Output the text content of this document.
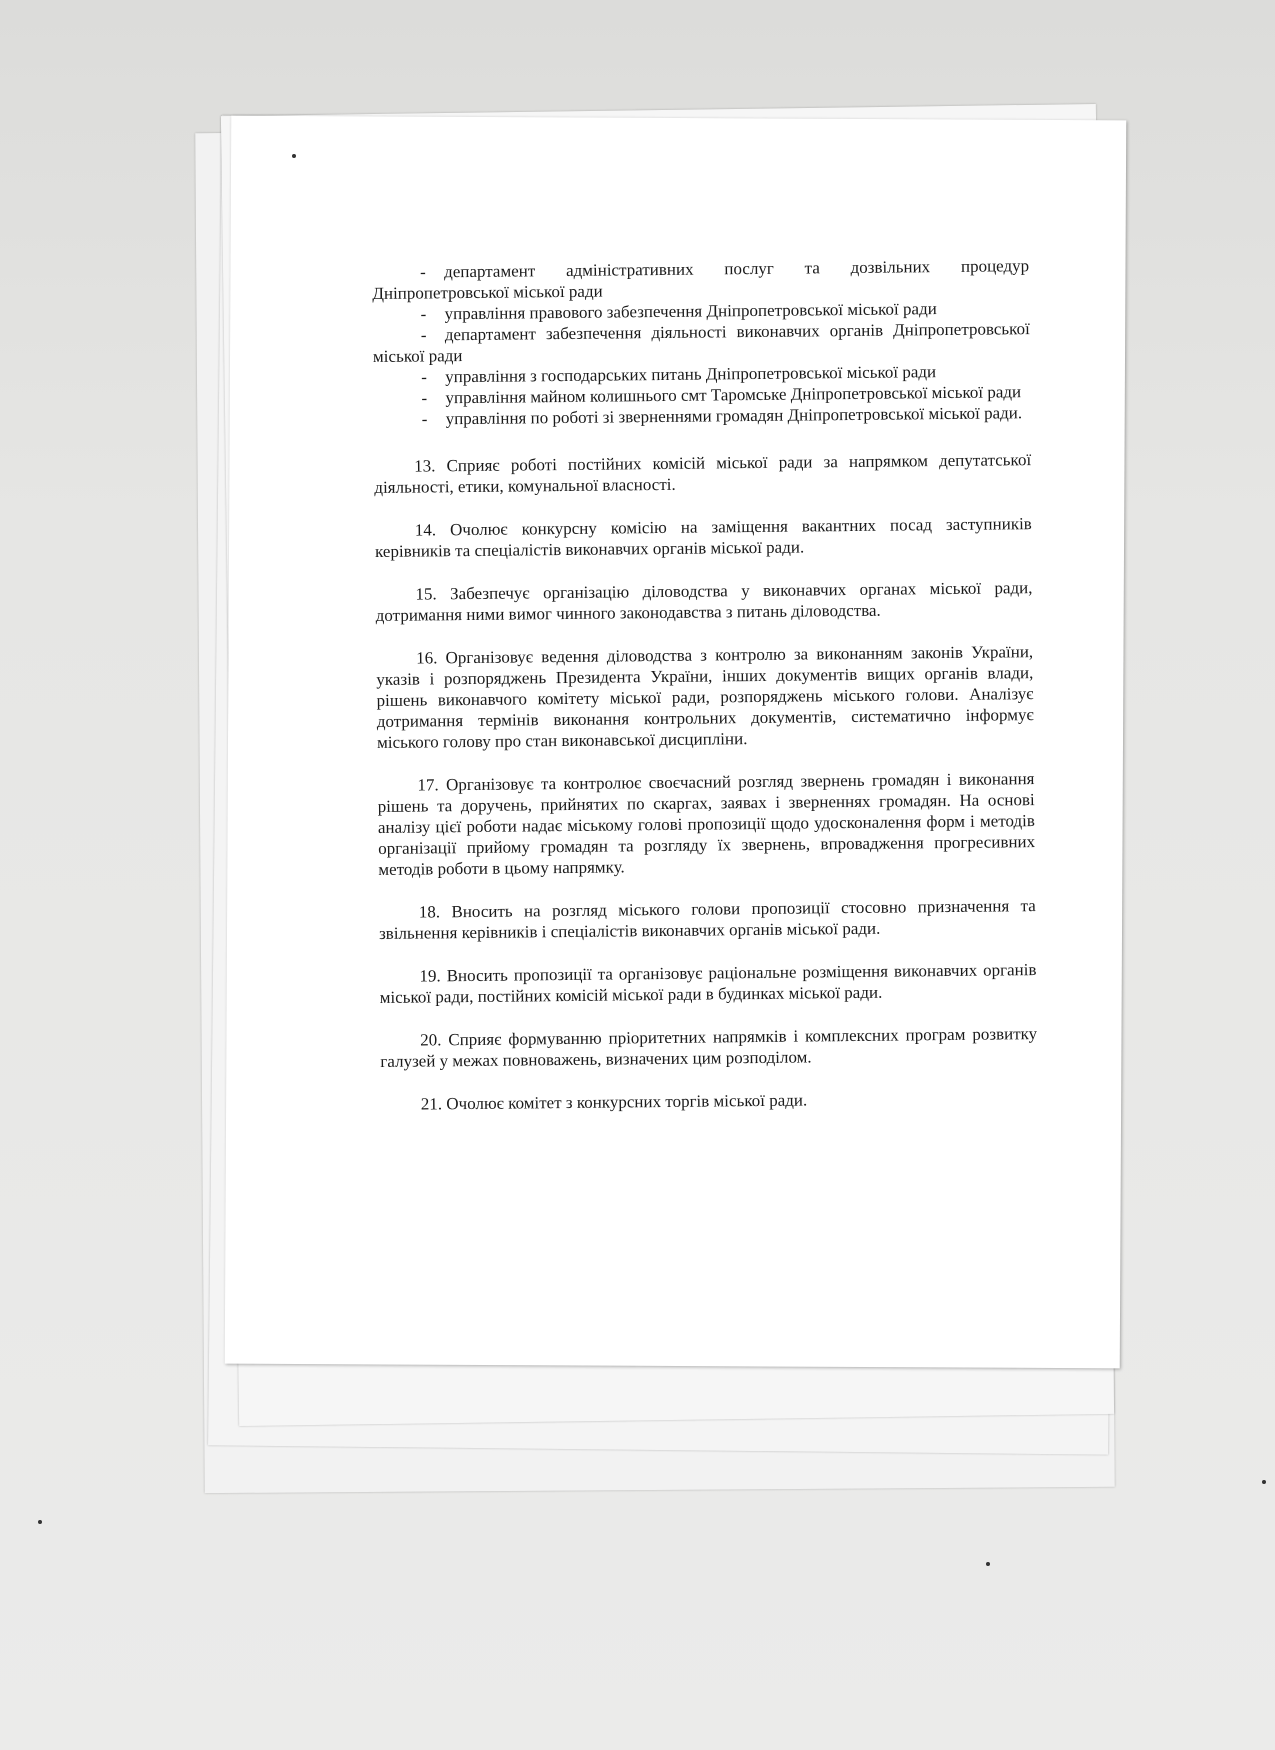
- департамент адміністративних послуг та дозвільних процедур Дніпропетровської міської ради
- управління правового забезпечення Дніпропетровської міської ради
- департамент забезпечення діяльності виконавчих органів Дніпропетровської міської ради
- управління з господарських питань Дніпропетровської міської ради
- управління майном колишнього смт Таромське Дніпропетровської міської ради
- управління по роботі зі зверненнями громадян Дніпропетровської міської ради.
13. Сприяє роботі постійних комісій міської ради за напрямком депутатської діяльності, етики, комунальної власності.
14. Очолює конкурсну комісію на заміщення вакантних посад заступників керівників та спеціалістів виконавчих органів міської ради.
15. Забезпечує організацію діловодства у виконавчих органах міської ради, дотримання ними вимог чинного законодавства з питань діловодства.
16. Організовує ведення діловодства з контролю за виконанням законів України, указів і розпоряджень Президента України, інших документів вищих органів влади, рішень виконавчого комітету міської ради, розпоряджень міського голови. Аналізує дотримання термінів виконання контрольних документів, систематично інформує міського голову про стан виконавської дисципліни.
17. Організовує та контролює своєчасний розгляд звернень громадян і виконання рішень та доручень, прийнятих по скаргах, заявах і зверненнях громадян. На основі аналізу цієї роботи надає міському голові пропозиції щодо удосконалення форм і методів організації прийому громадян та розгляду їх звернень, впровадження прогресивних методів роботи в цьому напрямку.
18. Вносить на розгляд міського голови пропозиції стосовно призначення та звільнення керівників і спеціалістів виконавчих органів міської ради.
19. Вносить пропозиції та організовує раціональне розміщення виконавчих органів міської ради, постійних комісій міської ради в будинках міської ради.
20. Сприяє формуванню пріоритетних напрямків і комплексних програм розвитку галузей у межах повноважень, визначених цим розподілом.
21. Очолює комітет з конкурсних торгів міської ради.
